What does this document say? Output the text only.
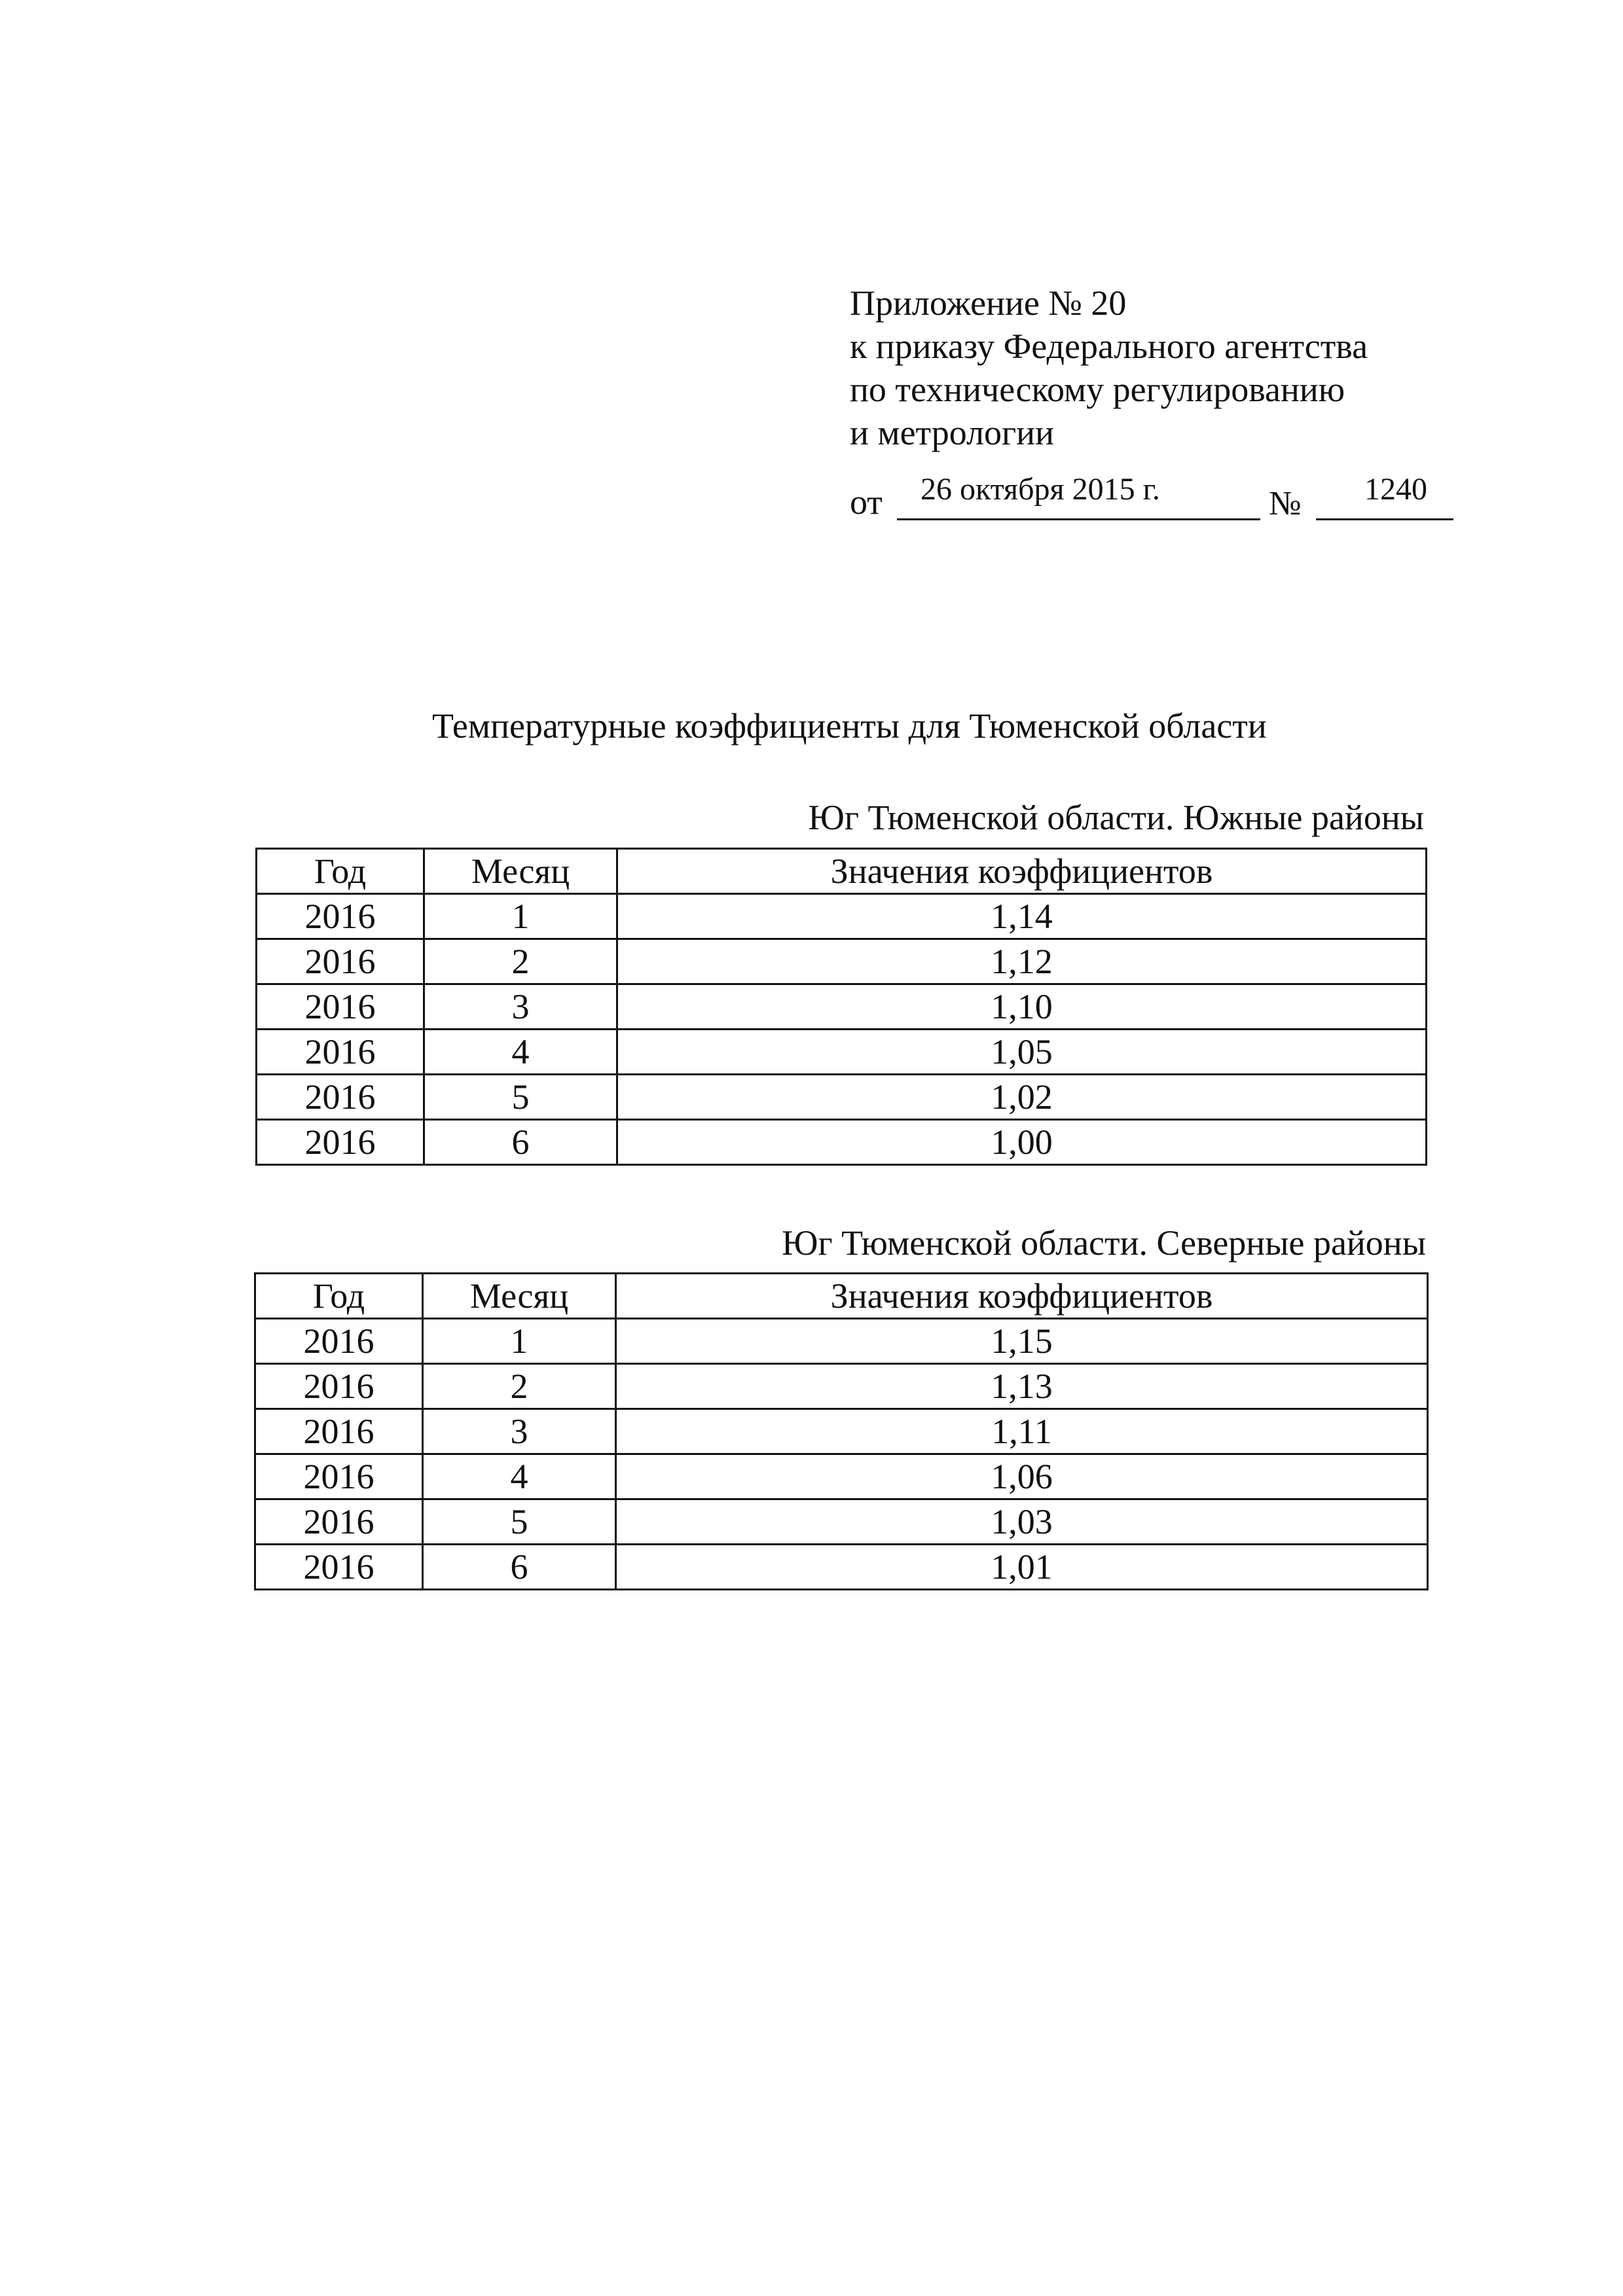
Приложение № 20
к приказу Федерального агентства
по техническому регулированию
и метрологии
от 26 октября 2015 г.	№ 1240
Температурные коэффициенты для Тюменской области
Юг Тюменской области. Южные районы
Год	Месяц	Значения коэффициентов
2016	1	1,14
2016	2	1,12
2016	3	1,10
2016	4	1,05
2016	5	1,02
2016	6	1,00
Юг Тюменской области. Северные районы
Год	Месяц	Значения коэффициентов
2016	1	1,15
2016	2	1,13
2016	3	1,11
2016	4	1,06
2016	5	1,03
2016	6	1,01
